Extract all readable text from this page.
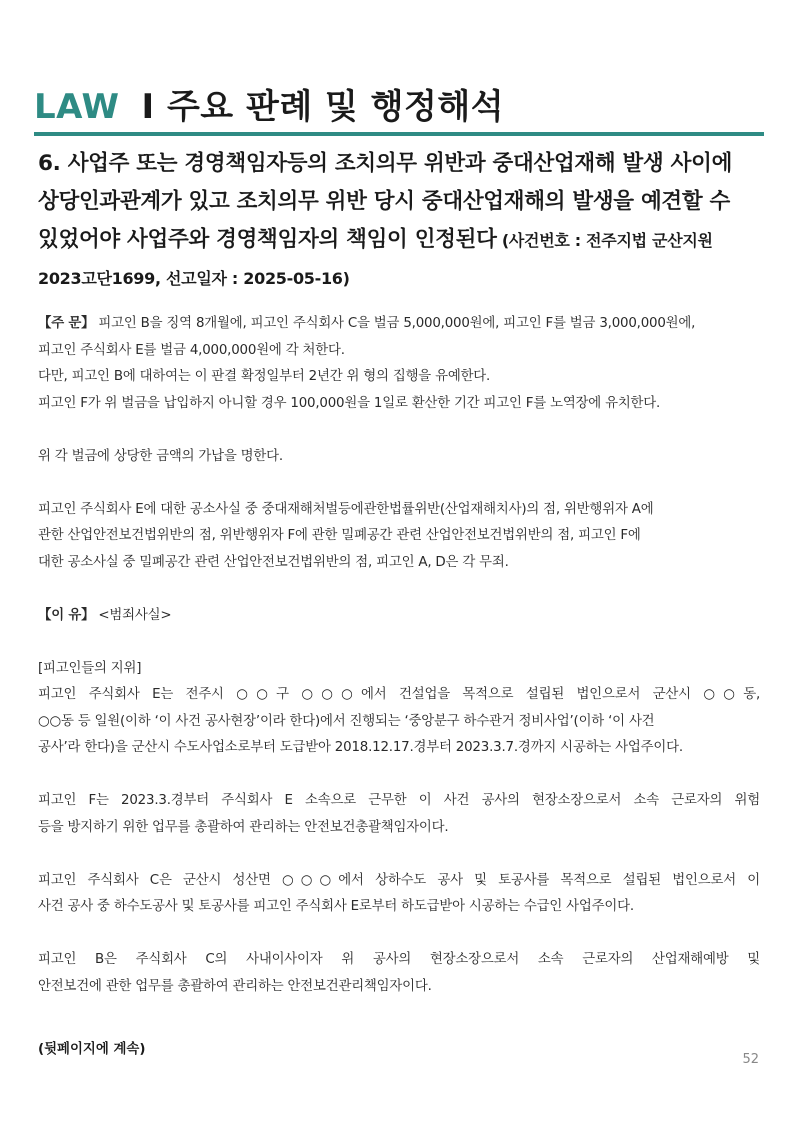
LAW I 주요 판례 및 행정해석
6. 사업주 또는 경영책임자등의 조치의무 위반과 중대산업재해 발생 사이에
상당인과관계가 있고 조치의무 위반 당시 중대산업재해의 발생을 예견할 수
있었어야 사업주와 경영책임자의 책임이 인정된다 (사건번호 : 전주지법 군산지원
2023고단1699, 선고일자 : 2025-05-16)
【주 문】 피고인 B을 징역 8개월에, 피고인 주식회사 C을 벌금 5,000,000원에, 피고인 F를 벌금 3,000,000원에,
피고인 주식회사 E를 벌금 4,000,000원에 각 처한다.
다만, 피고인 B에 대하여는 이 판결 확정일부터 2년간 위 형의 집행을 유예한다.
피고인 F가 위 벌금을 납입하지 아니할 경우 100,000원을 1일로 환산한 기간 피고인 F를 노역장에 유치한다.
위 각 벌금에 상당한 금액의 가납을 명한다.
피고인 주식회사 E에 대한 공소사실 중 중대재해처벌등에관한법률위반(산업재해치사)의 점, 위반행위자 A에
관한 산업안전보건법위반의 점, 위반행위자 F에 관한 밀폐공간 관련 산업안전보건법위반의 점, 피고인 F에
대한 공소사실 중 밀폐공간 관련 산업안전보건법위반의 점, 피고인 A, D은 각 무죄.
【이 유】 <범죄사실>
[피고인들의 지위]
피고인 주식회사 E는 전주시 ○○구 ○○○에서 건설업을 목적으로 설립된 법인으로서 군산시 ○○동,
○○동 등 일원(이하 ‘이 사건 공사현장’이라 한다)에서 진행되는 ‘중앙분구 하수관거 정비사업’(이하 ‘이 사건
공사’라 한다)을 군산시 수도사업소로부터 도급받아 2018.12.17.경부터 2023.3.7.경까지 시공하는 사업주이다.
피고인 F는 2023.3.경부터 주식회사 E 소속으로 근무한 이 사건 공사의 현장소장으로서 소속 근로자의 위험
등을 방지하기 위한 업무를 총괄하여 관리하는 안전보건총괄책임자이다.
피고인 주식회사 C은 군산시 성산면 ○○○에서 상하수도 공사 및 토공사를 목적으로 설립된 법인으로서 이
사건 공사 중 하수도공사 및 토공사를 피고인 주식회사 E로부터 하도급받아 시공하는 수급인 사업주이다.
피고인 B은 주식회사 C의 사내이사이자 위 공사의 현장소장으로서 소속 근로자의 산업재해예방 및
안전보건에 관한 업무를 총괄하여 관리하는 안전보건관리책임자이다.
(뒷페이지에 계속)
52
